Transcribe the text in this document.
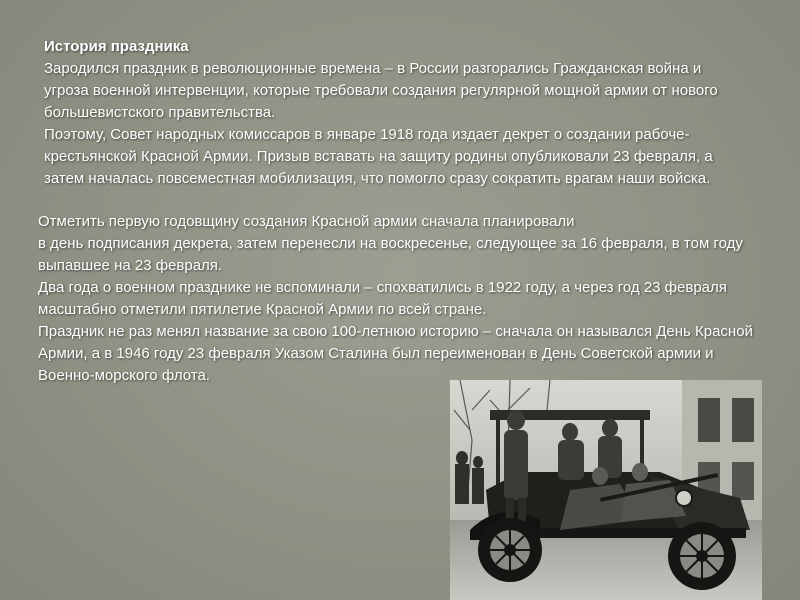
История праздника
Зародился праздник в революционные времена – в России разгорались Гражданская война и угроза военной интервенции, которые требовали создания регулярной мощной армии от нового большевистского правительства.
Поэтому, Совет народных комиссаров в январе 1918 года издает декрет о создании рабоче-крестьянской Красной Армии. Призыв вставать на защиту родины опубликовали 23 февраля, а затем началась повсеместная мобилизация, что помогло сразу сократить врагам наши войска.
Отметить первую годовщину создания Красной армии сначала планировали
в день подписания декрета, затем перенесли на воскресенье, следующее за 16 февраля, в том году выпавшее на 23 февраля.
Два года о военном празднике не вспоминали – спохватились в 1922 году, а через год 23 февраля масштабно отметили пятилетие Красной Армии по всей стране.
Праздник не раз менял название за свою 100-летнюю историю – сначала он назывался День Красной Армии, а в 1946 году 23 февраля Указом Сталина был переименован в День Советской армии и Военно-морского флота.
